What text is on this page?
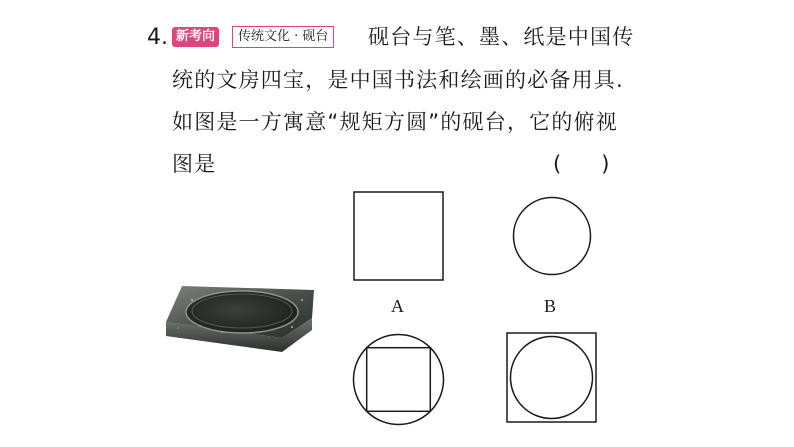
4. 新考向	传统文化 · 砚台 砚台与笔、墨、纸是中国传
统的文房四宝，是中国书法和绘画的必备用具.
如图是一方寓意“规矩方圆”的砚台，它的俯视
图是	(      )
A	B
